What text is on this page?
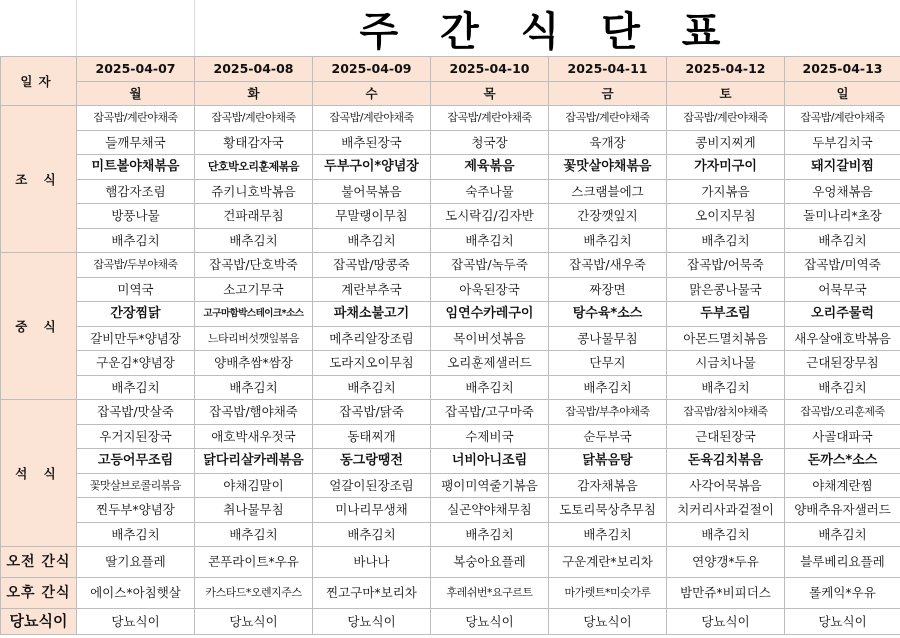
주 간 식 단 표
일자	2025-04-07	2025-04-08	2025-04-09	2025-04-10	2025-04-11	2025-04-12	2025-04-13
	월	화	수	목	금	토	일
조 식	잡곡밥/계란야채죽	잡곡밥/계란야채죽	잡곡밥/계란야채죽	잡곡밥/계란야채죽	잡곡밥/계란야채죽	잡곡밥/계란야채죽	잡곡밥/계란야채죽
	들깨무채국	황태감자국	배추된장국	청국장	육개장	콩비지찌게	두부김치국
	미트볼야채볶음	단호박오리훈제볶음	두부구이*양념장	제육볶음	꽃맛살야채볶음	가자미구이	돼지갈비찜
	햄감자조림	쥬키니호박볶음	불어묵볶음	숙주나물	스크램블에그	가지볶음	우엉채볶음
	방풍나물	건파래무침	무말랭이무침	도시락김/김자반	간장깻잎지	오이지무침	돌미나리*초장
	배추김치	배추김치	배추김치	배추김치	배추김치	배추김치	배추김치
중 식	잡곡밥/두부야채죽	잡곡밥/단호박죽	잡곡밥/땅콩죽	잡곡밥/녹두죽	잡곡밥/새우죽	잡곡밥/어묵죽	잡곡밥/미역죽
	미역국	소고기무국	계란부추국	아욱된장국	짜장면	맑은콩나물국	어묵무국
	간장찜닭	고구마함박스테이크*소스	파채소불고기	임연수카레구이	탕수육*소스	두부조림	오리주물럭
	갈비만두*양념장	느타리버섯깻잎볶음	메추리알장조림	목이버섯볶음	콩나물무침	아몬드멸치볶음	새우살애호박볶음
	구운김*양념장	양배추쌈*쌈장	도라지오이무침	오리훈제샐러드	단무지	시금치나물	근대된장무침
	배추김치	배추김치	배추김치	배추김치	배추김치	배추김치	배추김치
석 식	잡곡밥/맛살죽	잡곡밥/햄야채죽	잡곡밥/닭죽	잡곡밥/고구마죽	잡곡밥/부추야채죽	잡곡밥/참치야채죽	잡곡밥/오리훈제죽
	우거지된장국	애호박새우젓국	동태찌개	수제비국	순두부국	근대된장국	사골대파국
	고등어무조림	닭다리살카레볶음	동그랑땡전	너비아니조림	닭볶음탕	돈육김치볶음	돈까스*소스
	꽃맛살브로콜리볶음	야채김말이	얼갈이된장조림	팽이미역줄기볶음	감자채볶음	사각어묵볶음	야채계란찜
	찐두부*양념장	취나물무침	미나리무생채	실곤약야채무침	도토리묵상추무침	치커리사과겉절이	양배추유자샐러드
	배추김치	배추김치	배추김치	배추김치	배추김치	배추김치	배추김치
오전 간식	딸기요플레	콘푸라이트*우유	바나나	복숭아요플레	구운계란*보리차	연양갱*두유	블루베리요플레
오후 간식	에이스*아침햇살	카스타드*오렌지주스	찐고구마*보리차	후레쉬번*요구르트	마가렛트*미숫가루	밤만쥬*비피더스	롤케익*우유
당뇨식이	당뇨식이	당뇨식이	당뇨식이	당뇨식이	당뇨식이	당뇨식이	당뇨식이
